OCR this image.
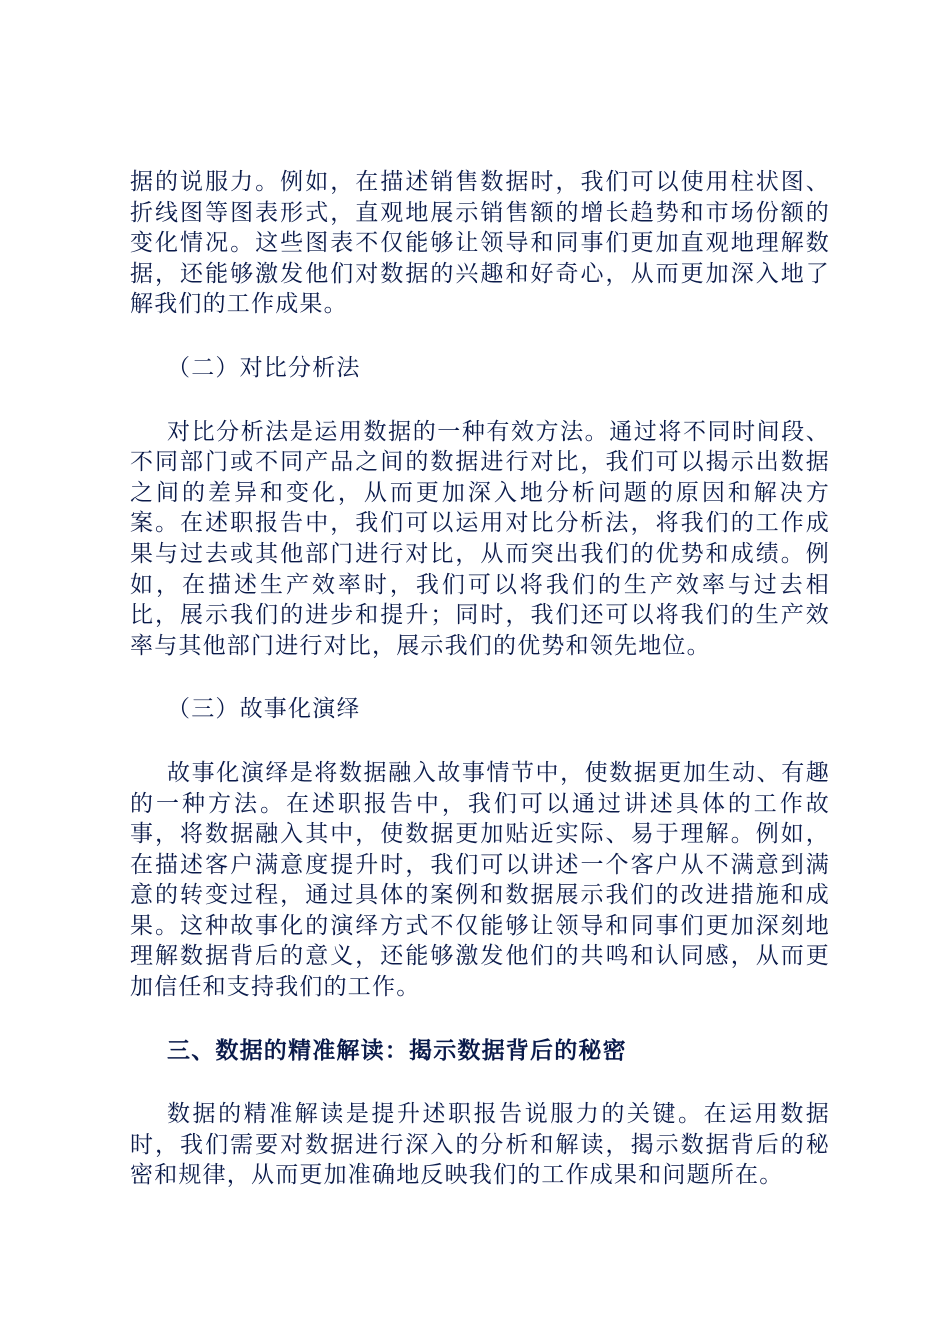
据的说服力。例如，在描述销售数据时，我们可以使用柱状图、折线图等图表形式，直观地展示销售额的增长趋势和市场份额的变化情况。这些图表不仅能够让领导和同事们更加直观地理解数据，还能够激发他们对数据的兴趣和好奇心，从而更加深入地了解我们的工作成果。

（二）对比分析法

对比分析法是运用数据的一种有效方法。通过将不同时间段、不同部门或不同产品之间的数据进行对比，我们可以揭示出数据之间的差异和变化，从而更加深入地分析问题的原因和解决方案。在述职报告中，我们可以运用对比分析法，将我们的工作成果与过去或其他部门进行对比，从而突出我们的优势和成绩。例如，在描述生产效率时，我们可以将我们的生产效率与过去相比，展示我们的进步和提升；同时，我们还可以将我们的生产效率与其他部门进行对比，展示我们的优势和领先地位。

（三）故事化演绎

故事化演绎是将数据融入故事情节中，使数据更加生动、有趣的一种方法。在述职报告中，我们可以通过讲述具体的工作故事，将数据融入其中，使数据更加贴近实际、易于理解。例如，在描述客户满意度提升时，我们可以讲述一个客户从不满意到满意的转变过程，通过具体的案例和数据展示我们的改进措施和成果。这种故事化的演绎方式不仅能够让领导和同事们更加深刻地理解数据背后的意义，还能够激发他们的共鸣和认同感，从而更加信任和支持我们的工作。

三、数据的精准解读：揭示数据背后的秘密

数据的精准解读是提升述职报告说服力的关键。在运用数据时，我们需要对数据进行深入的分析和解读，揭示数据背后的秘密和规律，从而更加准确地反映我们的工作成果和问题所在。
